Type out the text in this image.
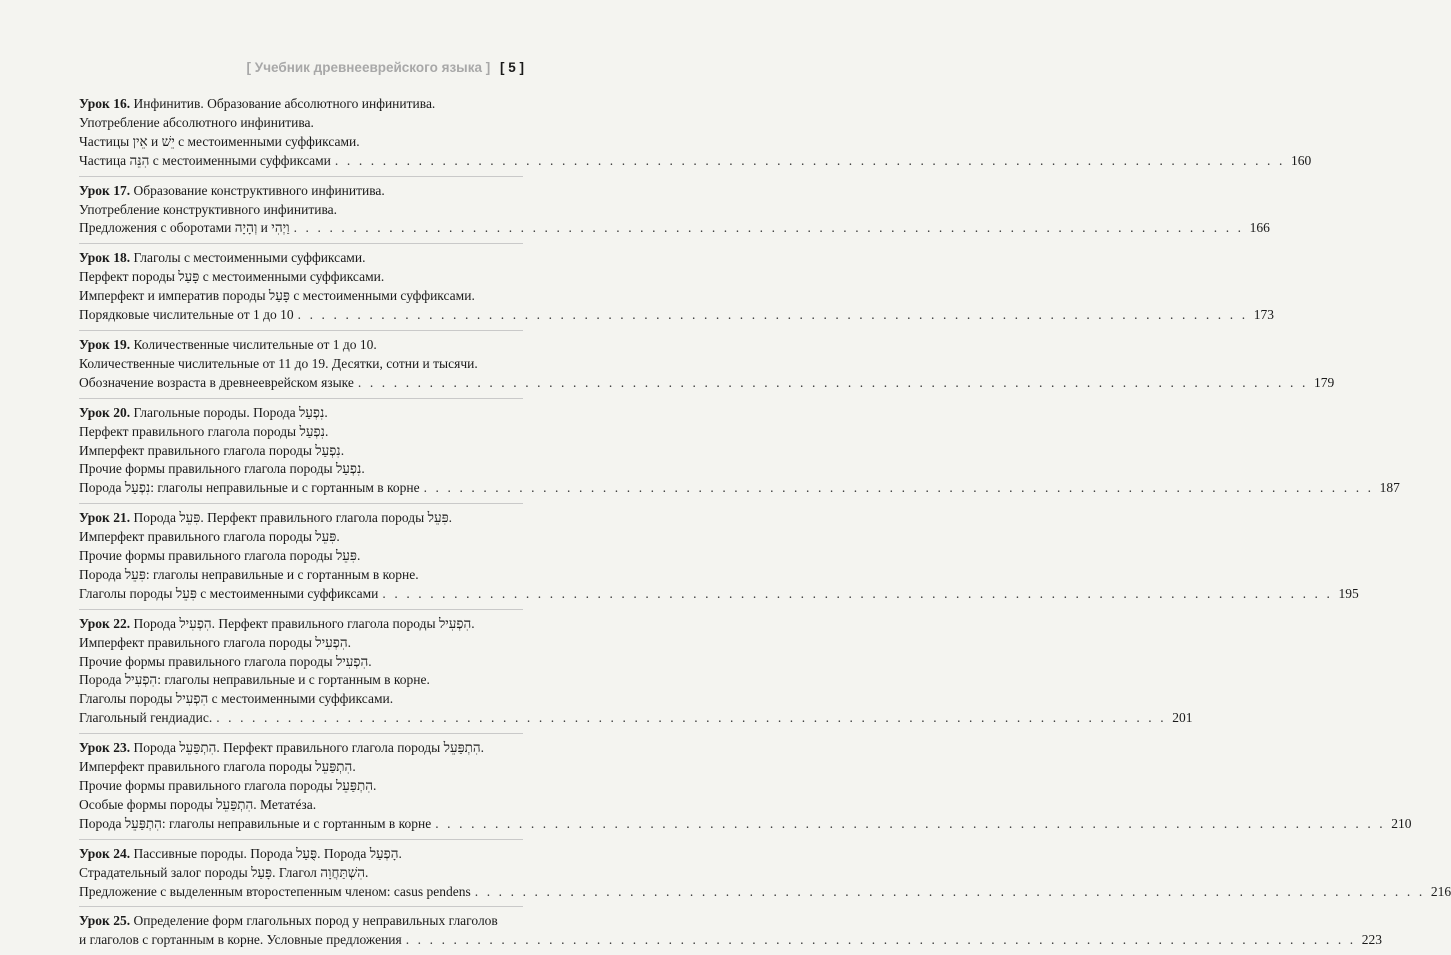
[ Учебник древнееврейского языка ] [ 5 ]
Урок 16. Инфинитив. Образование абсолютного инфинитива.
Употребление абсолютного инфинитива.
Частицы אֵין и יֵשׁ с местоименными суффиксами.
Частица הִנֵּה с местоименными суффиксами . . . . . . . . . . . . . . . . . . . . . . . . . . . . . . . . . . . . . . . . . . . . . . . . . . . . . . . . . . . . . . . . . . . . . . . . . . . . . . . . 160
Урок 17. Образование конструктивного инфинитива.
Употребление конструктивного инфинитива.
Предложения с оборотами וְהָיָה и וַיְהִי . . . . . . . . . . . . . . . . . . . . . . . . . . . . . . . . . . . . . . . . . . . . . . . . . . . . . . . . . . . . . . . . . . . . . . . . . . . . . . . . 166
Урок 18. Глаголы с местоименными суффиксами.
Перфект породы פָּעַל с местоименными суффиксами.
Имперфект и императив породы פָּעַל с местоименными суффиксами.
Порядковые числительные от 1 до 10 . . . . . . . . . . . . . . . . . . . . . . . . . . . . . . . . . . . . . . . . . . . . . . . . . . . . . . . . . . . . . . . . . . . . . . . . . . . . . . . . 173
Урок 19. Количественные числительные от 1 до 10.
Количественные числительные от 11 до 19. Десятки, сотни и тысячи.
Обозначение возраста в древнееврейском языке . . . . . . . . . . . . . . . . . . . . . . . . . . . . . . . . . . . . . . . . . . . . . . . . . . . . . . . . . . . . . . . . . . . . . . . . . . . . . . . . 179
Урок 20. Глагольные породы. Порода נִפְעַל.
Перфект правильного глагола породы נִפְעַל.
Имперфект правильного глагола породы נִפְעַל.
Прочие формы правильного глагола породы נִפְעַל.
Порода נִפְעַל: глаголы неправильные и с гортанным в корне . . . . . . . . . . . . . . . . . . . . . . . . . . . . . . . . . . . . . . . . . . . . . . . . . . . . . . . . . . . . . . . . . . . . . . . . . . . . . . . . 187
Урок 21. Порода פִּעֵל. Перфект правильного глагола породы פִּעֵל.
Имперфект правильного глагола породы פִּעֵל.
Прочие формы правильного глагола породы פִּעֵל.
Порода פִּעֵל: глаголы неправильные и с гортанным в корне.
Глаголы породы פִּעֵל с местоименными суффиксами . . . . . . . . . . . . . . . . . . . . . . . . . . . . . . . . . . . . . . . . . . . . . . . . . . . . . . . . . . . . . . . . . . . . . . . . . . . . . . . . 195
Урок 22. Порода הִפְעִיל. Перфект правильного глагола породы הִפְעִיל.
Имперфект правильного глагола породы הִפְעִיל.
Прочие формы правильного глагола породы הִפְעִיל.
Порода הִפְעִיל: глаголы неправильные и с гортанным в корне.
Глаголы породы הִפְעִיל с местоименными суффиксами.
Глагольный гендиадис. . . . . . . . . . . . . . . . . . . . . . . . . . . . . . . . . . . . . . . . . . . . . . . . . . . . . . . . . . . . . . . . . . . . . . . . . . . . . . . . . 201
Урок 23. Порода הִתְפַּעֵל. Перфект правильного глагола породы הִתְפַּעֵל.
Имперфект правильного глагола породы הִתְפַּעֵל.
Прочие формы правильного глагола породы הִתְפַּעֵל.
Особые формы породы הִתְפַּעֵל. Метатéза.
Порода הִתְפַּעֵל: глаголы неправильные и с гортанным в корне . . . . . . . . . . . . . . . . . . . . . . . . . . . . . . . . . . . . . . . . . . . . . . . . . . . . . . . . . . . . . . . . . . . . . . . . . . . . . . . . 210
Урок 24. Пассивные породы. Порода פֻּעַל. Порода הָפְעַל.
Страдательный залог породы פָּעַל. Глагол הִשְׁתַּחֲוָה.
Предложение с выделенным второстепенным членом: casus pendens . . . . . . . . . . . . . . . . . . . . . . . . . . . . . . . . . . . . . . . . . . . . . . . . . . . . . . . . . . . . . . . . . . . . . . . . . . . . . . . . 216
Урок 25. Определение форм глагольных пород у неправильных глаголов
и глаголов с гортанным в корне. Условные предложения . . . . . . . . . . . . . . . . . . . . . . . . . . . . . . . . . . . . . . . . . . . . . . . . . . . . . . . . . . . . . . . . . . . . . . . . . . . . . . . . 223
